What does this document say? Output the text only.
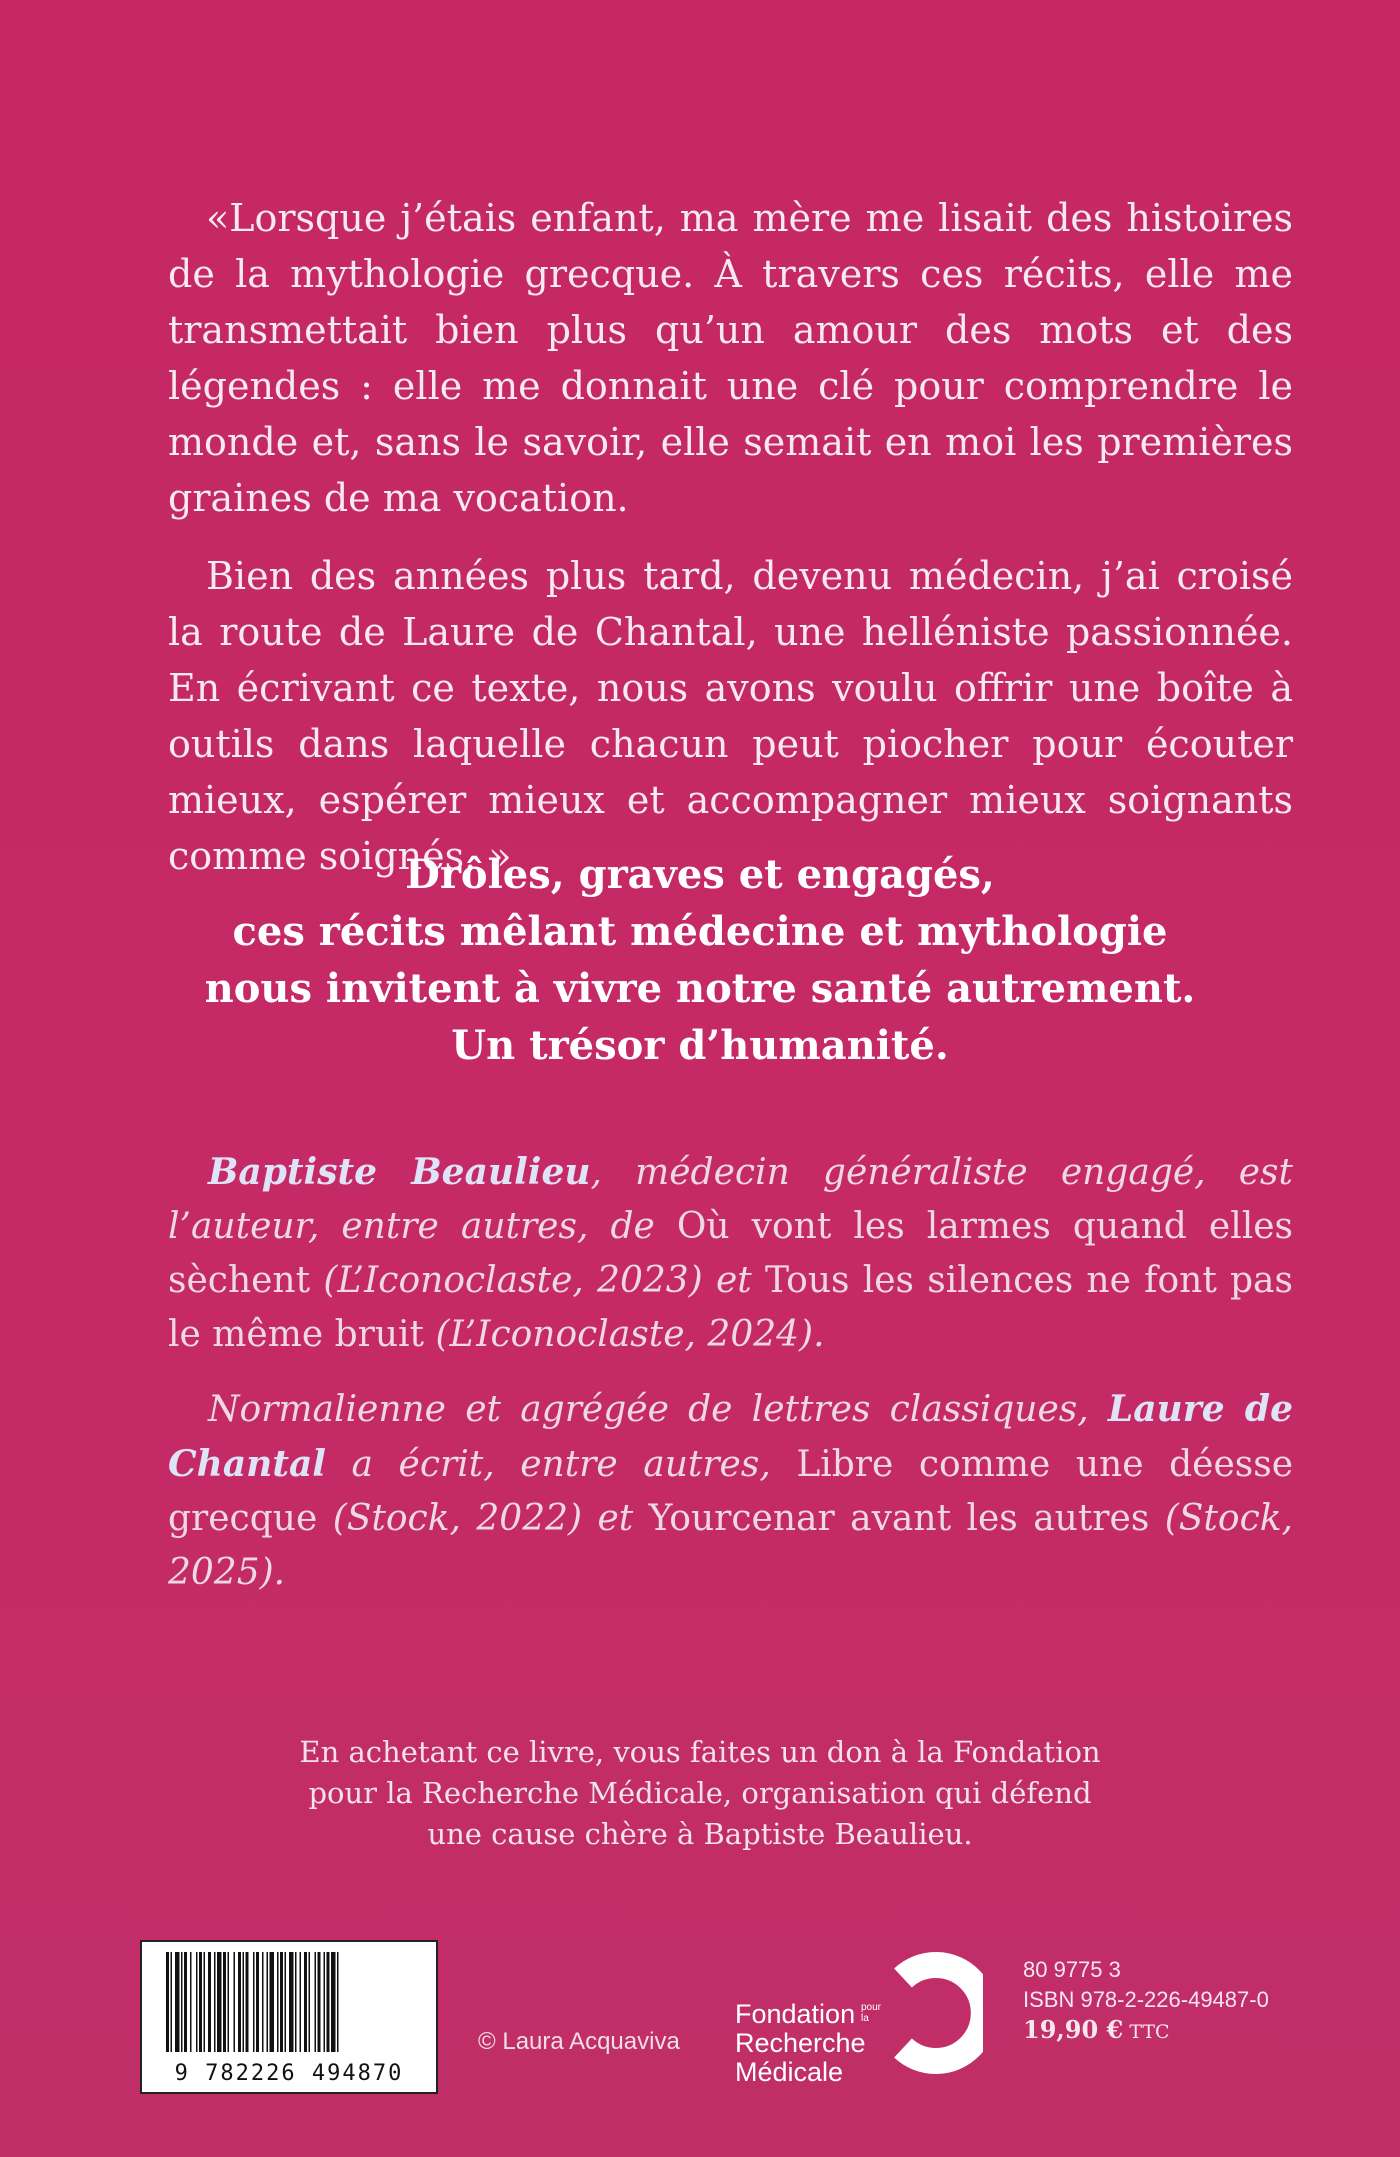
«Lorsque j’étais enfant, ma mère me lisait des histoires de la mythologie grecque. À travers ces récits, elle me transmettait bien plus qu’un amour des mots et des légendes : elle me donnait une clé pour comprendre le monde et, sans le savoir, elle semait en moi les premières graines de ma vocation.

Bien des années plus tard, devenu médecin, j’ai croisé la route de Laure de Chantal, une helléniste passionnée. En écrivant ce texte, nous avons voulu offrir une boîte à outils dans laquelle chacun peut piocher pour écouter mieux, espérer mieux et accompagner mieux soignants comme soignés. »

Drôles, graves et engagés,
ces récits mêlant médecine et mythologie
nous invitent à vivre notre santé autrement.
Un trésor d’humanité.

Baptiste Beaulieu, médecin généraliste engagé, est l’auteur, entre autres, de Où vont les larmes quand elles sèchent (L’Iconoclaste, 2023) et Tous les silences ne font pas le même bruit (L’Iconoclaste, 2024).

Normalienne et agrégée de lettres classiques, Laure de Chantal a écrit, entre autres, Libre comme une déesse grecque (Stock, 2022) et Yourcenar avant les autres (Stock, 2025).

En achetant ce livre, vous faites un don à la Fondation
pour la Recherche Médicale, organisation qui défend
une cause chère à Baptiste Beaulieu.
9 782226 494870
© Laura Acquaviva
Fondation
Recherche
Médicale
pour
la
80 9775 3
ISBN 978-2-226-49487-0
19,90 € TTC
